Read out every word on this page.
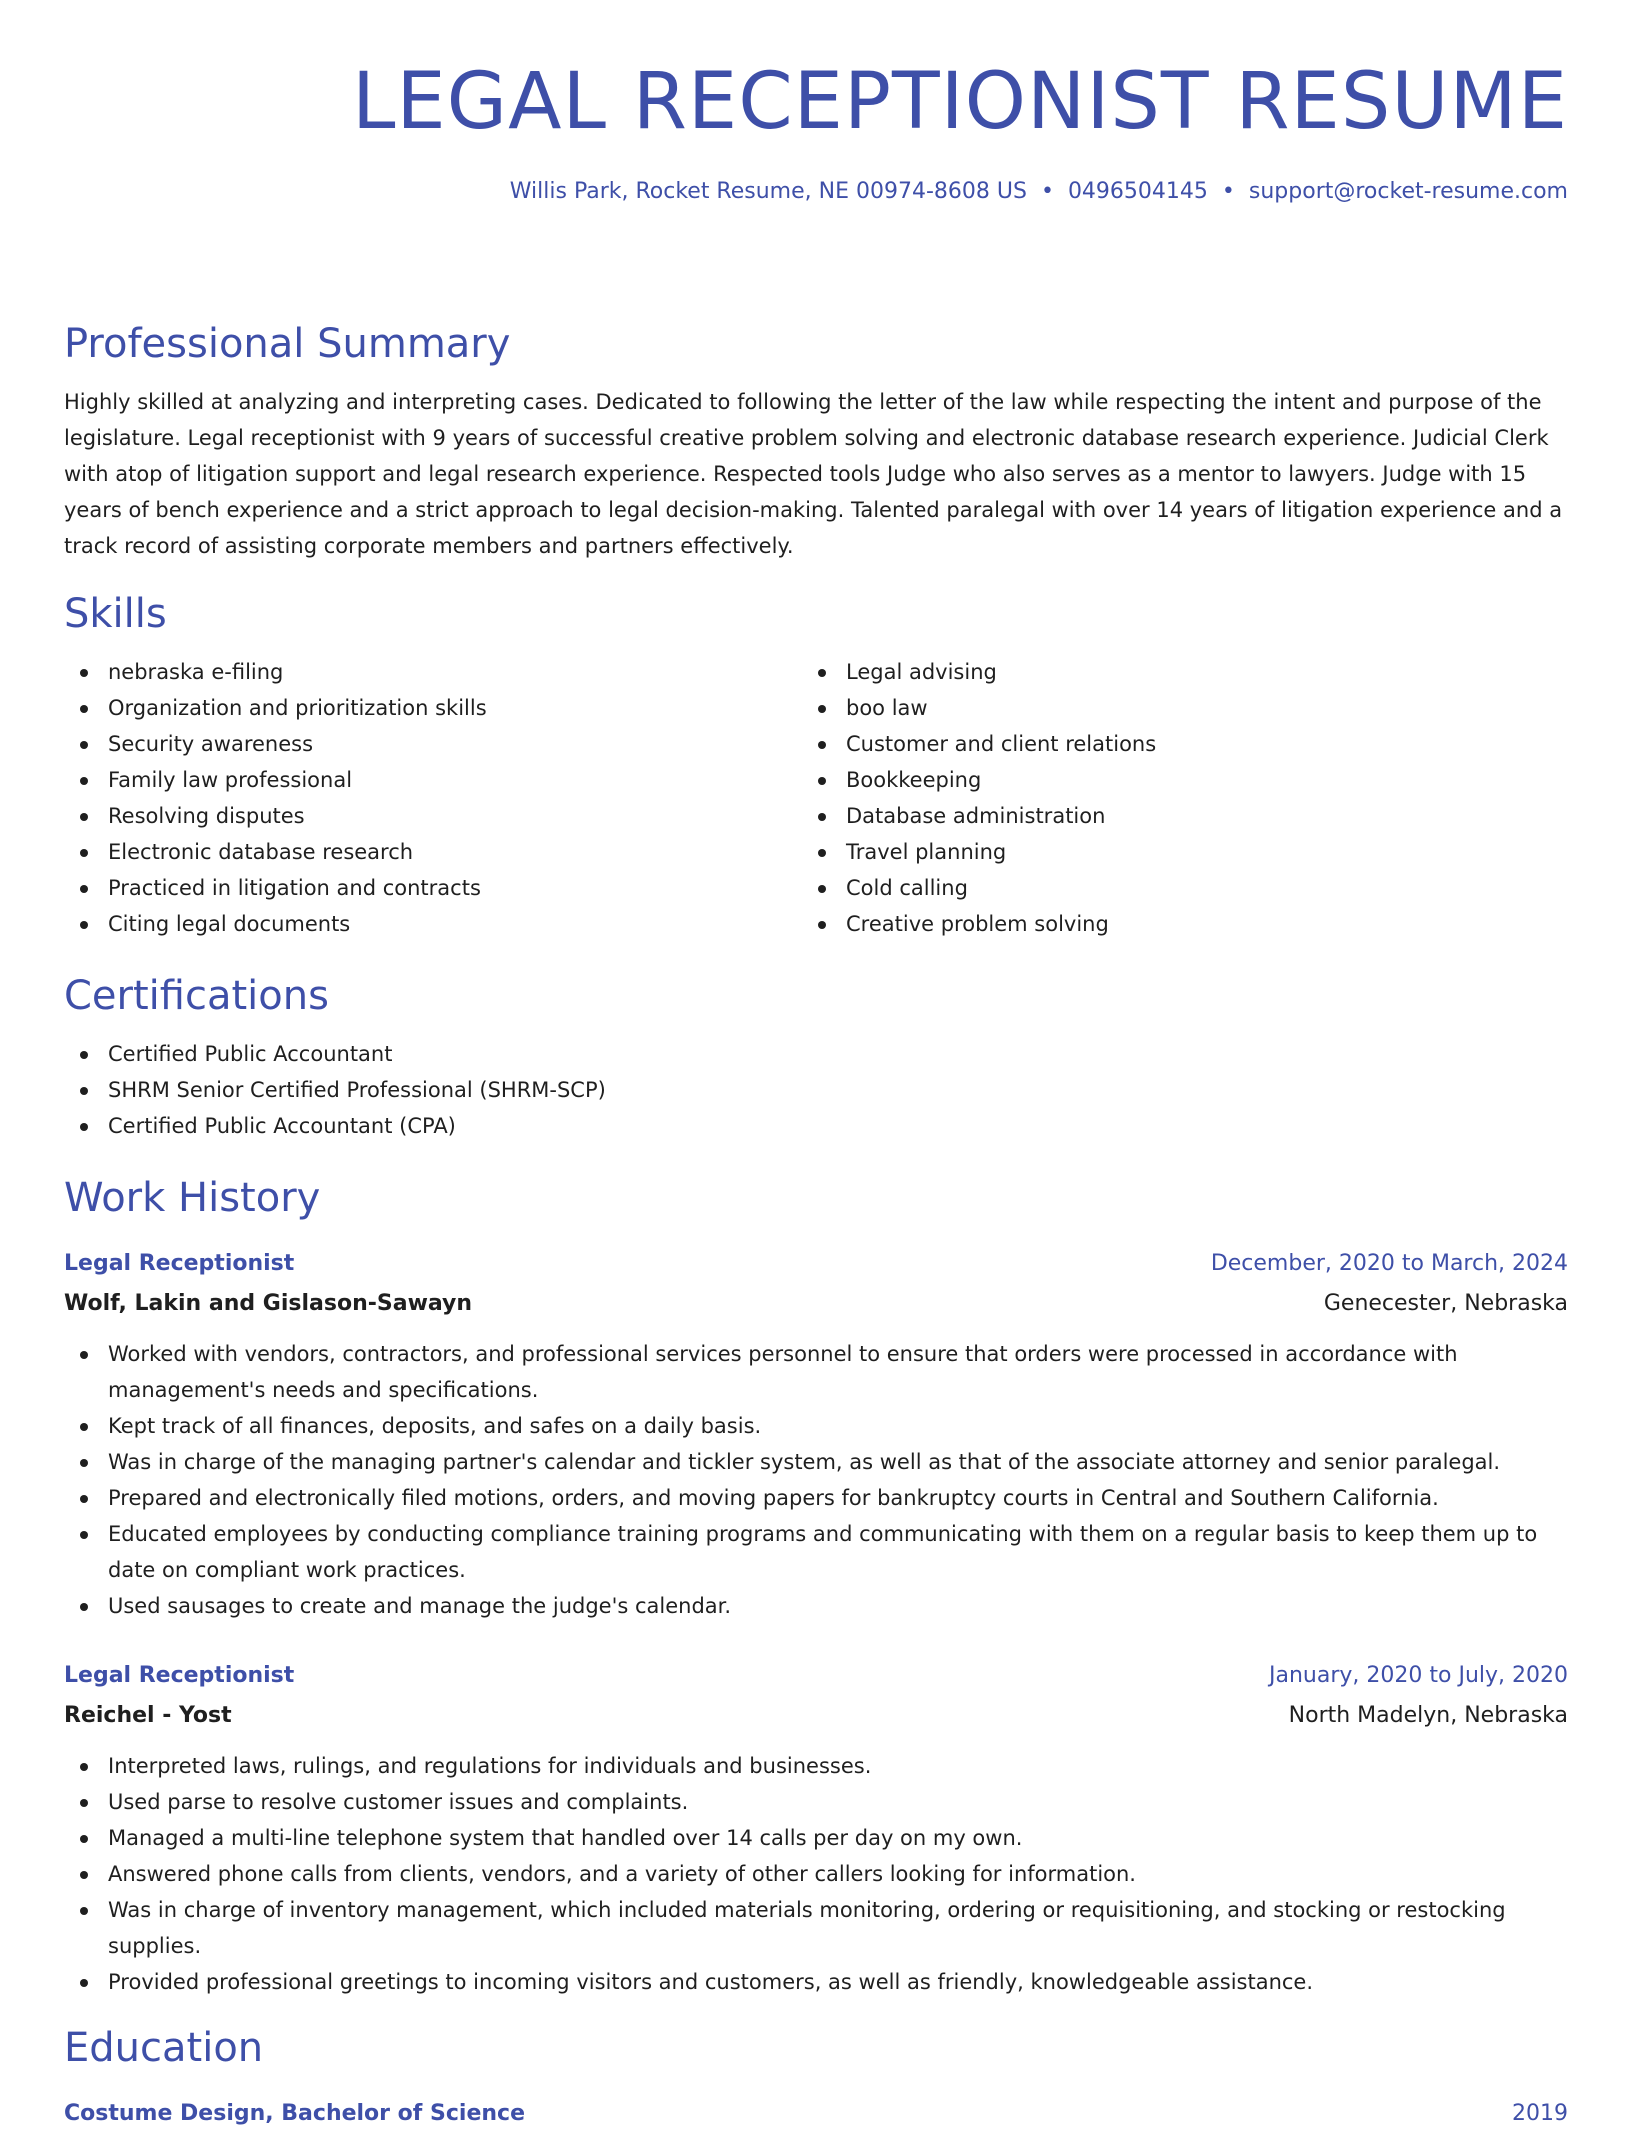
LEGAL RECEPTIONIST RESUME
Willis Park, Rocket Resume, NE 00974-8608 US • 0496504145 • support@rocket-resume.com
Professional Summary

Highly skilled at analyzing and interpreting cases. Dedicated to following the letter of the law while respecting the intent and purpose of the legislature. Legal receptionist with 9 years of successful creative problem solving and electronic database research experience. Judicial Clerk with atop of litigation support and legal research experience. Respected tools Judge who also serves as a mentor to lawyers. Judge with 15 years of bench experience and a strict approach to legal decision-making. Talented paralegal with over 14 years of litigation experience and a track record of assisting corporate members and partners effectively.

Skills
nebraska e-filing
Organization and prioritization skills
Security awareness
Family law professional
Resolving disputes
Electronic database research
Practiced in litigation and contracts
Citing legal documents
Legal advising
boo law
Customer and client relations
Bookkeeping
Database administration
Travel planning
Cold calling
Creative problem solving
Certifications
Certified Public Accountant
SHRM Senior Certified Professional (SHRM-SCP)
Certified Public Accountant (CPA)
Work History
Legal Receptionist	December, 2020 to March, 2024
Wolf, Lakin and Gislason-Sawayn	Genecester, Nebraska
Worked with vendors, contractors, and professional services personnel to ensure that orders were processed in accordance with management's needs and specifications.
Kept track of all finances, deposits, and safes on a daily basis.
Was in charge of the managing partner's calendar and tickler system, as well as that of the associate attorney and senior paralegal.
Prepared and electronically filed motions, orders, and moving papers for bankruptcy courts in Central and Southern California.
Educated employees by conducting compliance training programs and communicating with them on a regular basis to keep them up to date on compliant work practices.
Used sausages to create and manage the judge's calendar.
Legal Receptionist	January, 2020 to July, 2020
Reichel - Yost	North Madelyn, Nebraska
Interpreted laws, rulings, and regulations for individuals and businesses.
Used parse to resolve customer issues and complaints.
Managed a multi-line telephone system that handled over 14 calls per day on my own.
Answered phone calls from clients, vendors, and a variety of other callers looking for information.
Was in charge of inventory management, which included materials monitoring, ordering or requisitioning, and stocking or restocking supplies.
Provided professional greetings to incoming visitors and customers, as well as friendly, knowledgeable assistance.
Education
Costume Design, Bachelor of Science	2019
